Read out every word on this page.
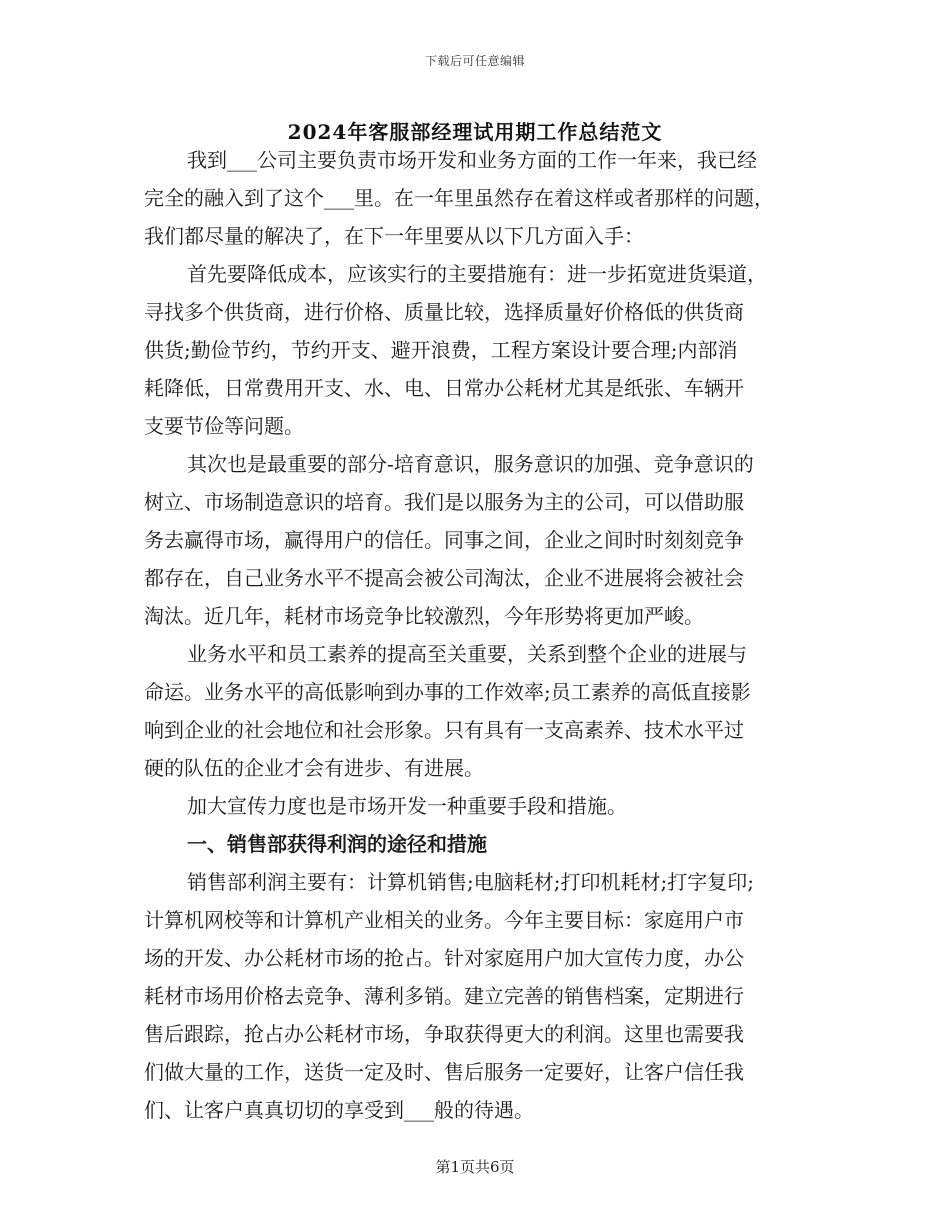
下载后可任意编辑
2024年客服部经理试用期工作总结范文
我到___公司主要负责市场开发和业务方面的工作一年来，我已经
完全的融入到了这个___里。在一年里虽然存在着这样或者那样的问题，
我们都尽量的解决了，在下一年里要从以下几方面入手：
首先要降低成本，应该实行的主要措施有：进一步拓宽进货渠道，
寻找多个供货商，进行价格、质量比较，选择质量好价格低的供货商
供货;勤俭节约，节约开支、避开浪费，工程方案设计要合理;内部消
耗降低，日常费用开支、水、电、日常办公耗材尤其是纸张、车辆开
支要节俭等问题。
其次也是最重要的部分-培育意识，服务意识的加强、竞争意识的
树立、市场制造意识的培育。我们是以服务为主的公司，可以借助服
务去赢得市场，赢得用户的信任。同事之间，企业之间时时刻刻竞争
都存在，自己业务水平不提高会被公司淘汰，企业不进展将会被社会
淘汰。近几年，耗材市场竞争比较激烈，今年形势将更加严峻。
业务水平和员工素养的提高至关重要，关系到整个企业的进展与
命运。业务水平的高低影响到办事的工作效率;员工素养的高低直接影
响到企业的社会地位和社会形象。只有具有一支高素养、技术水平过
硬的队伍的企业才会有进步、有进展。
加大宣传力度也是市场开发一种重要手段和措施。
一、销售部获得利润的途径和措施
销售部利润主要有：计算机销售;电脑耗材;打印机耗材;打字复印;
计算机网校等和计算机产业相关的业务。今年主要目标：家庭用户市
场的开发、办公耗材市场的抢占。针对家庭用户加大宣传力度，办公
耗材市场用价格去竞争、薄利多销。建立完善的销售档案，定期进行
售后跟踪，抢占办公耗材市场，争取获得更大的利润。这里也需要我
们做大量的工作，送货一定及时、售后服务一定要好，让客户信任我
们、让客户真真切切的享受到___般的待遇。
第1页共6页
